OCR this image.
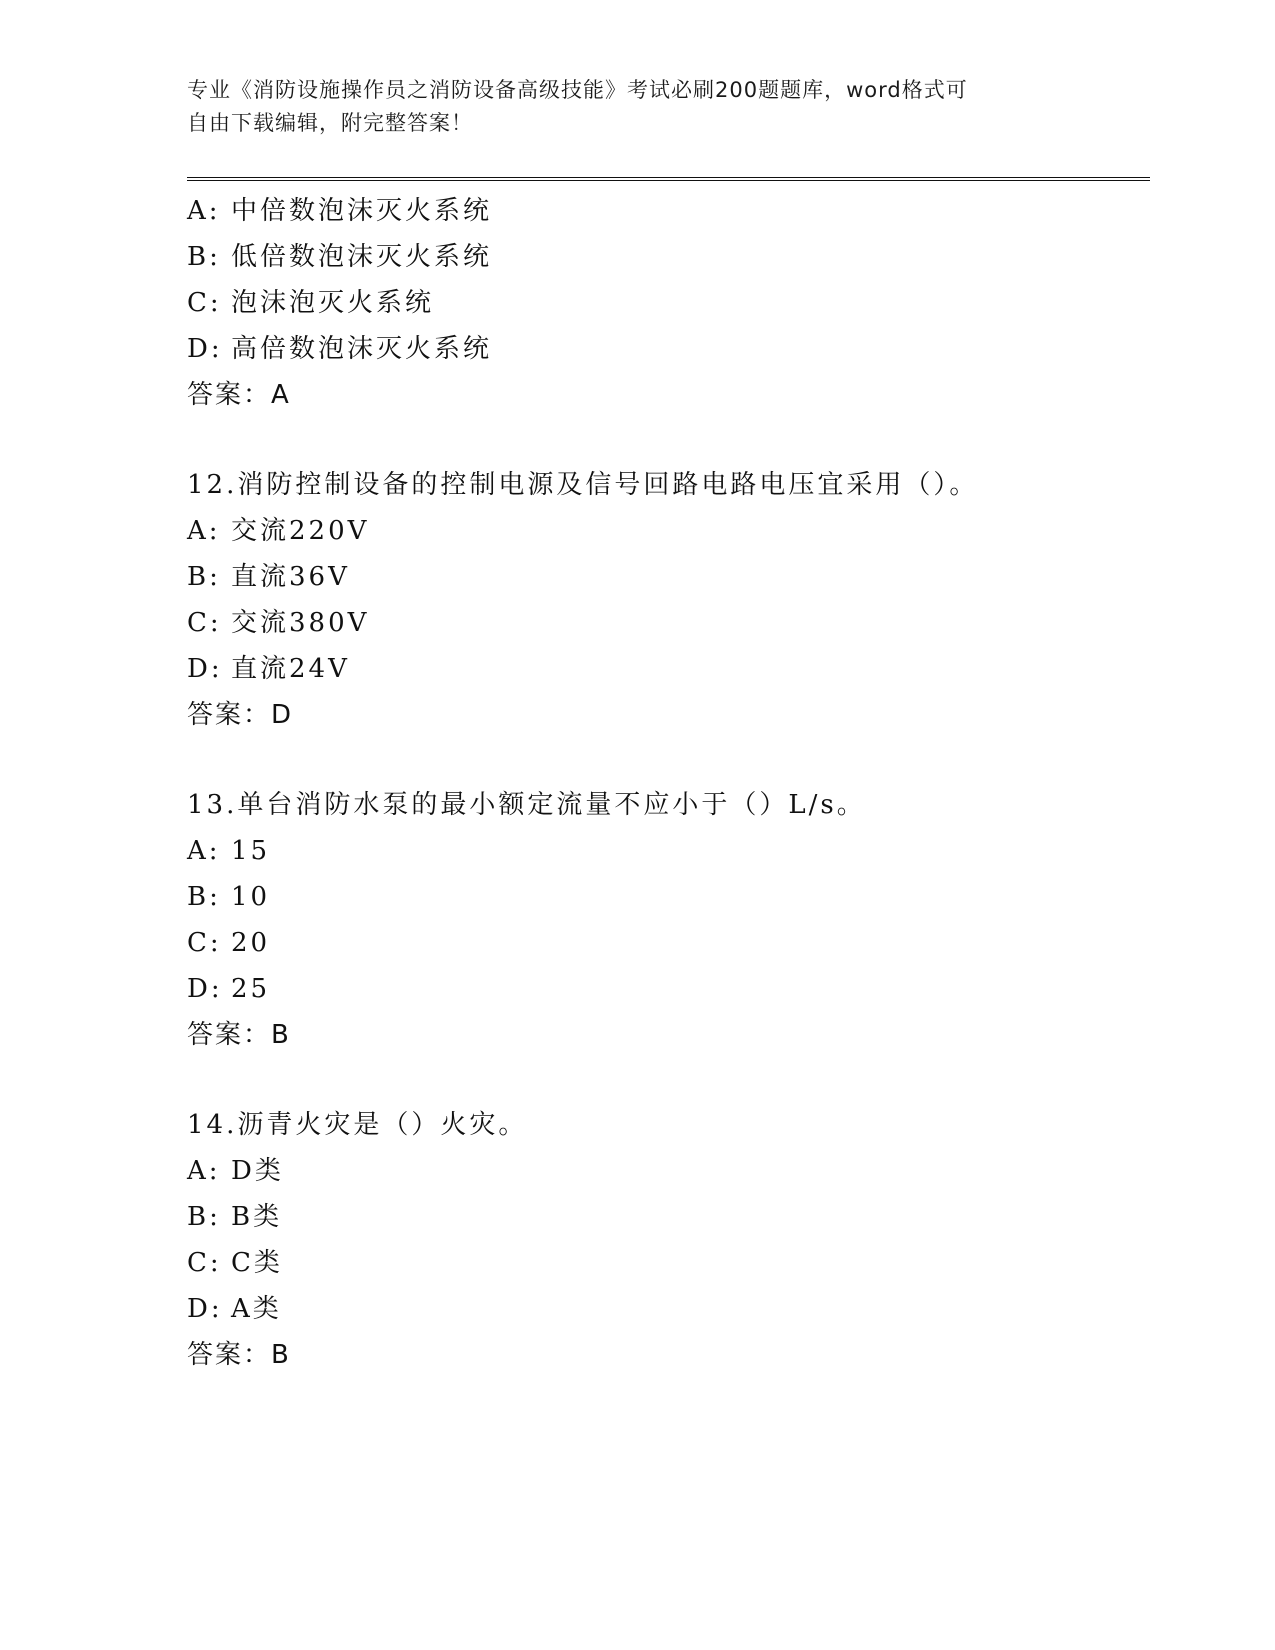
专业《消防设施操作员之消防设备高级技能》考试必刷200题题库，word格式可
自由下载编辑，附完整答案！
A: 中倍数泡沫灭火系统
B: 低倍数泡沫灭火系统
C: 泡沫泡灭火系统
D: 高倍数泡沫灭火系统
答案：A
12.消防控制设备的控制电源及信号回路电路电压宜采用（）。
A: 交流220V
B: 直流36V
C: 交流380V
D: 直流24V
答案：D
13.单台消防水泵的最小额定流量不应小于（）L/s。
A: 15
B: 10
C: 20
D: 25
答案：B
14.沥青火灾是（）火灾。
A: D类
B: B类
C: C类
D: A类
答案：B
